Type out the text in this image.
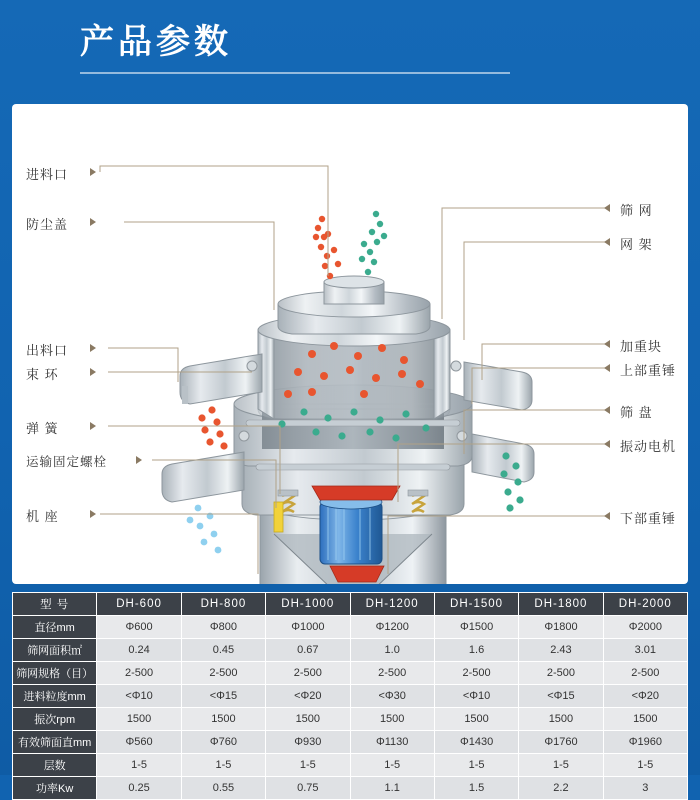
产品参数
进料口
防尘盖
出料口
束 环
弹 簧
运输固定螺栓
机 座
筛 网
网 架
加重块
上部重锤
筛 盘
振动电机
下部重锤
型 号	DH-600	DH-800	DH-1000	DH-1200	DH-1500	DH-1800	DH-2000
直径mm	Φ600	Φ800	Φ1000	Φ1200	Φ1500	Φ1800	Φ2000
筛网面积㎡	0.24	0.45	0.67	1.0	1.6	2.43	3.01
筛网规格（目）	2-500	2-500	2-500	2-500	2-500	2-500	2-500
进料粒度mm	<Φ10	<Φ15	<Φ20	<Φ30	<Φ10	<Φ15	<Φ20
振次rpm	1500	1500	1500	1500	1500	1500	1500
有效筛面直mm	Φ560	Φ760	Φ930	Φ1130	Φ1430	Φ1760	Φ1960
层数	1-5	1-5	1-5	1-5	1-5	1-5	1-5
功率Kw	0.25	0.55	0.75	1.1	1.5	2.2	3
